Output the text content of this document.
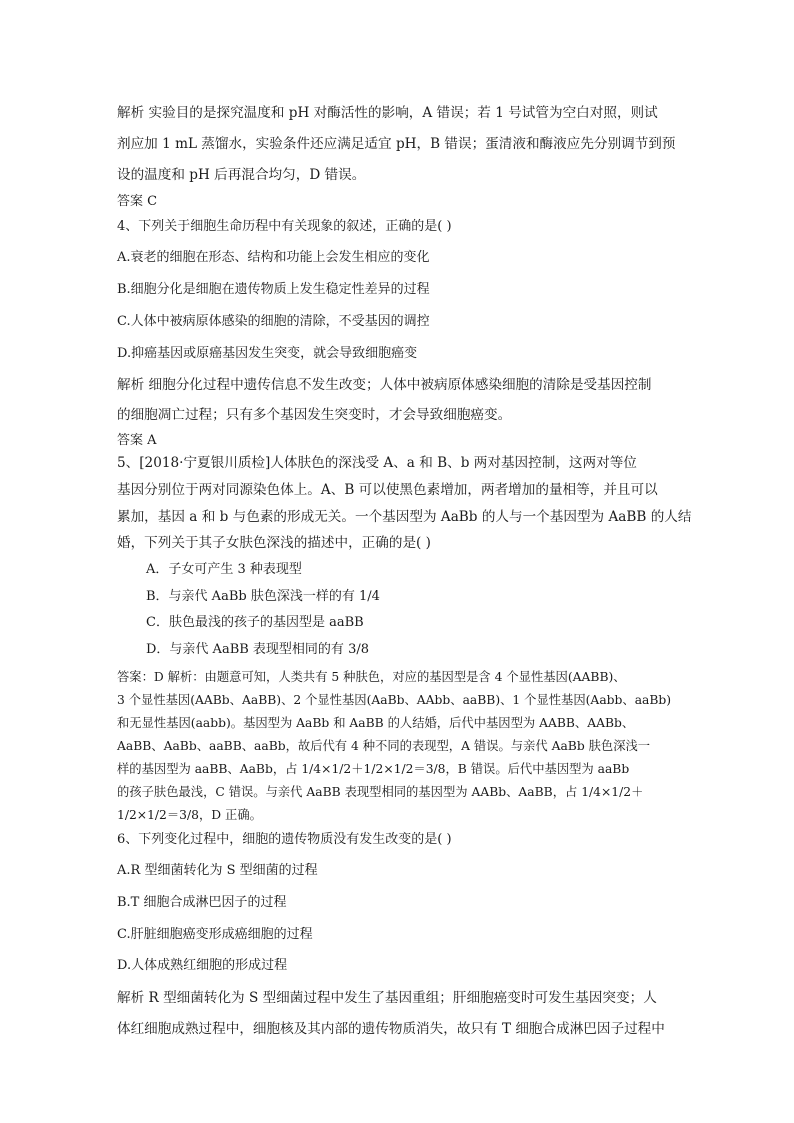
解析 实验目的是探究温度和 pH 对酶活性的影响，A 错误；若 1 号试管为空白对照，则试
剂应加 1 mL 蒸馏水，实验条件还应满足适宜 pH，B 错误；蛋清液和酶液应先分别调节到预
设的温度和 pH 后再混合均匀，D 错误。
答案 C
4、下列关于细胞生命历程中有关现象的叙述，正确的是( )
A.衰老的细胞在形态、结构和功能上会发生相应的变化
B.细胞分化是细胞在遗传物质上发生稳定性差异的过程
C.人体中被病原体感染的细胞的清除，不受基因的调控
D.抑癌基因或原癌基因发生突变，就会导致细胞癌变
解析 细胞分化过程中遗传信息不发生改变；人体中被病原体感染细胞的清除是受基因控制
的细胞凋亡过程；只有多个基因发生突变时，才会导致细胞癌变。
答案 A
5、[2018·宁夏银川质检]人体肤色的深浅受 A、a 和 B、b 两对基因控制，这两对等位
基因分别位于两对同源染色体上。A、B 可以使黑色素增加，两者增加的量相等，并且可以
累加，基因 a 和 b 与色素的形成无关。一个基因型为 AaBb 的人与一个基因型为 AaBB 的人结
婚，下列关于其子女肤色深浅的描述中，正确的是( )
A．子女可产生 3 种表现型
B．与亲代 AaBb 肤色深浅一样的有 1/4
C．肤色最浅的孩子的基因型是 aaBB
D．与亲代 AaBB 表现型相同的有 3/8
答案：D 解析：由题意可知，人类共有 5 种肤色，对应的基因型是含 4 个显性基因(AABB)、
3 个显性基因(AABb、AaBB)、2 个显性基因(AaBb、AAbb、aaBB)、1 个显性基因(Aabb、aaBb)
和无显性基因(aabb)。基因型为 AaBb 和 AaBB 的人结婚，后代中基因型为 AABB、AABb、
AaBB、AaBb、aaBB、aaBb，故后代有 4 种不同的表现型，A 错误。与亲代 AaBb 肤色深浅一
样的基因型为 aaBB、AaBb，占 1/4×1/2＋1/2×1/2＝3/8，B 错误。后代中基因型为 aaBb
的孩子肤色最浅，C 错误。与亲代 AaBB 表现型相同的基因型为 AABb、AaBB，占 1/4×1/2＋
1/2×1/2＝3/8，D 正确。
6、下列变化过程中，细胞的遗传物质没有发生改变的是( )
A.R 型细菌转化为 S 型细菌的过程
B.T 细胞合成淋巴因子的过程
C.肝脏细胞癌变形成癌细胞的过程
D.人体成熟红细胞的形成过程
解析 R 型细菌转化为 S 型细菌过程中发生了基因重组；肝细胞癌变时可发生基因突变；人
体红细胞成熟过程中，细胞核及其内部的遗传物质消失，故只有 T 细胞合成淋巴因子过程中
